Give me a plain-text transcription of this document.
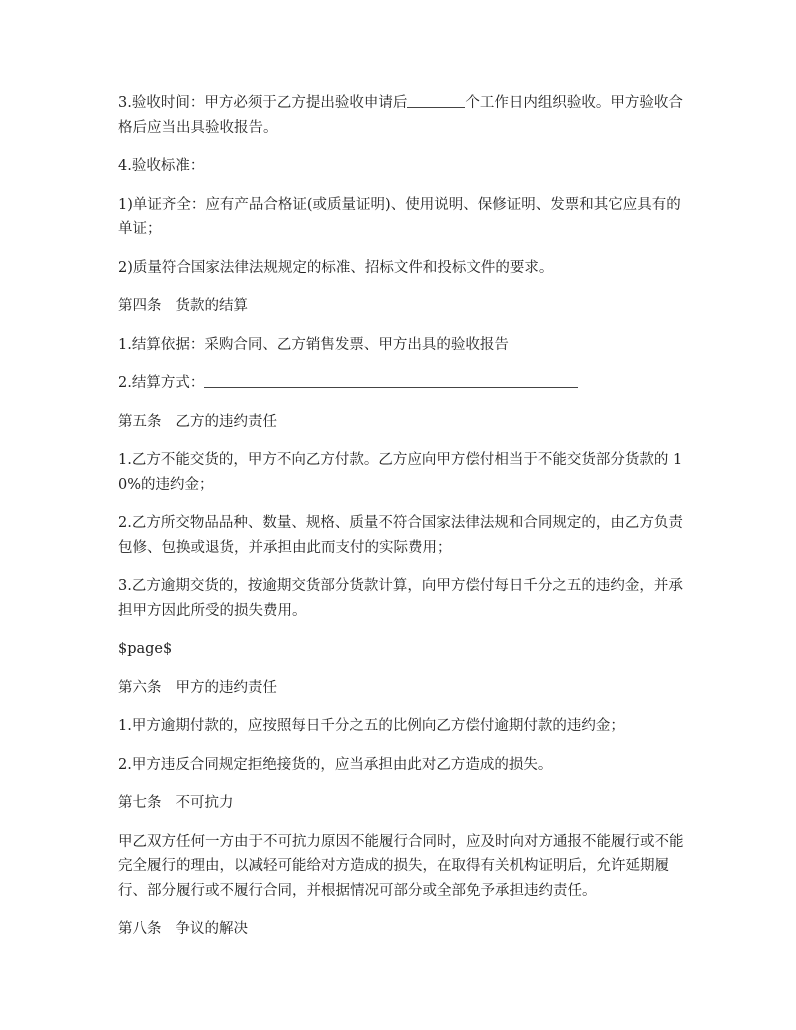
3.验收时间：甲方必须于乙方提出验收申请后	个工作日内组织验收。甲方验收合格后应当出具验收报告。

4.验收标准：

1)单证齐全：应有产品合格证(或质量证明)、使用说明、保修证明、发票和其它应具有的单证；

2)质量符合国家法律法规规定的标准、招标文件和投标文件的要求。

第四条 货款的结算

1.结算依据：采购合同、乙方销售发票、甲方出具的验收报告

2.结算方式：

第五条 乙方的违约责任

1.乙方不能交货的，甲方不向乙方付款。乙方应向甲方偿付相当于不能交货部分货款的 10%的违约金；

2.乙方所交物品品种、数量、规格、质量不符合国家法律法规和合同规定的，由乙方负责包修、包换或退货，并承担由此而支付的实际费用；

3.乙方逾期交货的，按逾期交货部分货款计算，向甲方偿付每日千分之五的违约金，并承担甲方因此所受的损失费用。

$page$

第六条 甲方的违约责任

1.甲方逾期付款的，应按照每日千分之五的比例向乙方偿付逾期付款的违约金；

2.甲方违反合同规定拒绝接货的，应当承担由此对乙方造成的损失。

第七条 不可抗力

甲乙双方任何一方由于不可抗力原因不能履行合同时，应及时向对方通报不能履行或不能完全履行的理由，以减轻可能给对方造成的损失，在取得有关机构证明后，允许延期履行、部分履行或不履行合同，并根据情况可部分或全部免予承担违约责任。

第八条 争议的解决
